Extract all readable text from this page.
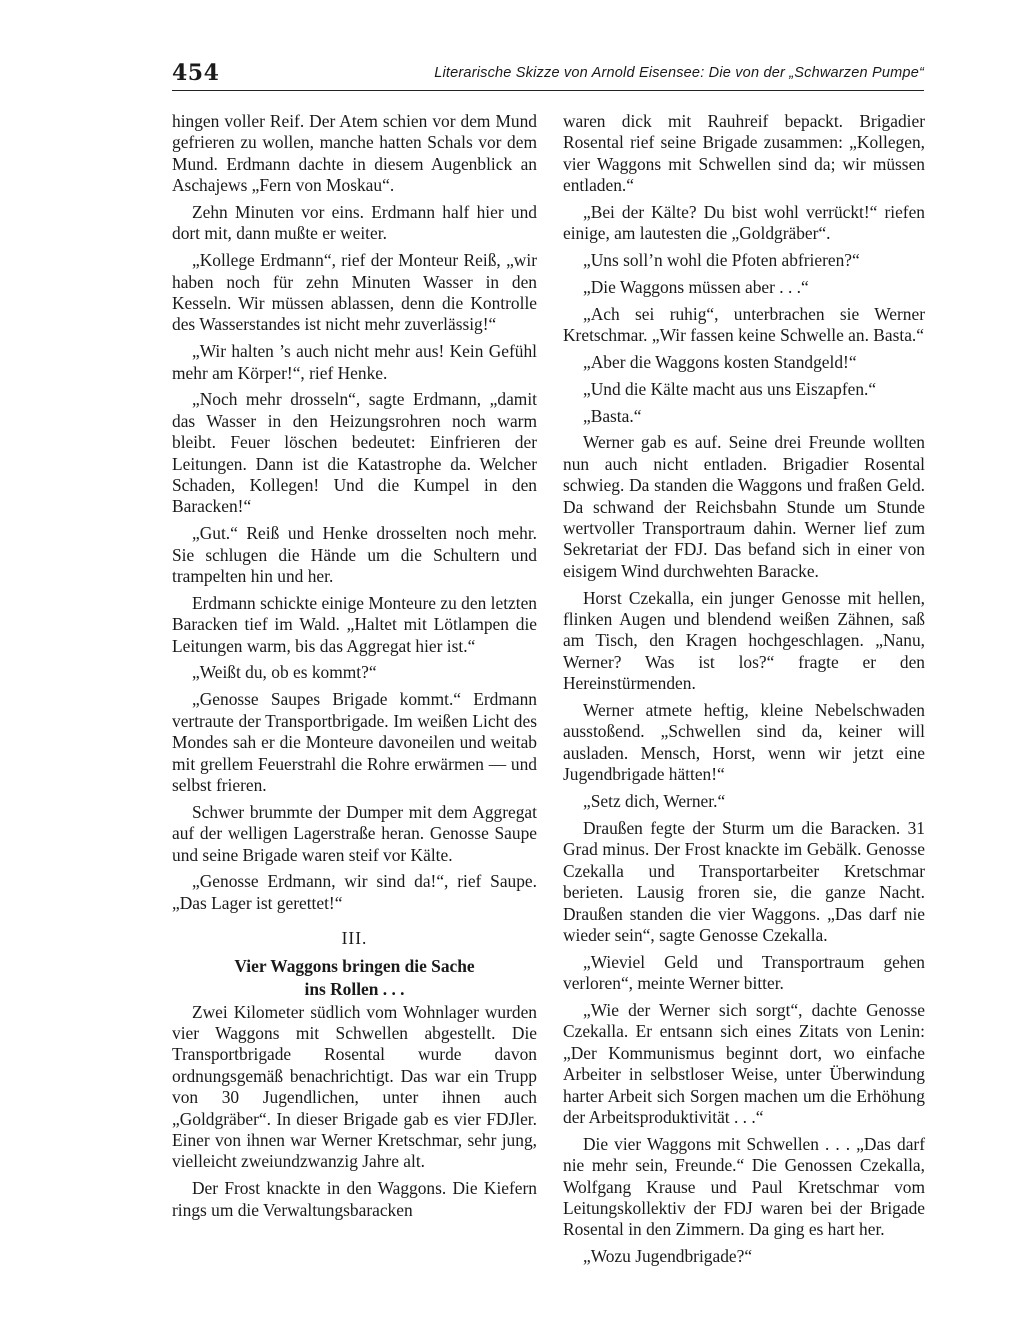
454	Literarische Skizze von Arnold Eisensee: Die von der „Schwarzen Pumpe“

hingen voller Reif. Der Atem schien vor dem Mund gefrieren zu wollen, manche hatten Schals vor dem Mund. Erdmann dachte in diesem Augenblick an Aschajews „Fern von Moskau“.

Zehn Minuten vor eins. Erdmann half hier und dort mit, dann mußte er weiter.

„Kollege Erdmann“, rief der Monteur Reiß, „wir haben noch für zehn Minuten Wasser in den Kesseln. Wir müssen ablassen, denn die Kontrolle des Wasserstandes ist nicht mehr zuverlässig!“

„Wir halten ’s auch nicht mehr aus! Kein Gefühl mehr am Körper!“, rief Henke.

„Noch mehr drosseln“, sagte Erdmann, „damit das Wasser in den Heizungsrohren noch warm bleibt. Feuer löschen bedeutet: Einfrieren der Leitungen. Dann ist die Katastrophe da. Welcher Schaden, Kollegen! Und die Kumpel in den Baracken!“

„Gut.“ Reiß und Henke drosselten noch mehr. Sie schlugen die Hände um die Schultern und trampelten hin und her.

Erdmann schickte einige Monteure zu den letzten Baracken tief im Wald. „Haltet mit Lötlampen die Leitungen warm, bis das Aggregat hier ist.“

„Weißt du, ob es kommt?“

„Genosse Saupes Brigade kommt.“ Erdmann vertraute der Transportbrigade. Im weißen Licht des Mondes sah er die Monteure davoneilen und weitab mit grellem Feuerstrahl die Rohre erwärmen — und selbst frieren.

Schwer brummte der Dumper mit dem Aggregat auf der welligen Lagerstraße heran. Genosse Saupe und seine Brigade waren steif vor Kälte.

„Genosse Erdmann, wir sind da!“, rief Saupe. „Das Lager ist gerettet!“

III.
Vier Waggons bringen die Sache
ins Rollen . . .

Zwei Kilometer südlich vom Wohnlager wurden vier Waggons mit Schwellen abgestellt. Die Transportbrigade Rosental wurde davon ordnungsgemäß benachrichtigt. Das war ein Trupp von 30 Jugendlichen, unter ihnen auch „Goldgräber“. In dieser Brigade gab es vier FDJler. Einer von ihnen war Werner Kretschmar, sehr jung, vielleicht zweiundzwanzig Jahre alt.

Der Frost knackte in den Waggons. Die Kiefern rings um die Verwaltungsbaracken

waren dick mit Rauhreif bepackt. Brigadier Rosental rief seine Brigade zusammen: „Kollegen, vier Waggons mit Schwellen sind da; wir müssen entladen.“

„Bei der Kälte? Du bist wohl verrückt!“ riefen einige, am lautesten die „Goldgräber“.

„Uns soll’n wohl die Pfoten abfrieren?“

„Die Waggons müssen aber . . .“

„Ach sei ruhig“, unterbrachen sie Werner Kretschmar. „Wir fassen keine Schwelle an. Basta.“

„Aber die Waggons kosten Standgeld!“

„Und die Kälte macht aus uns Eiszapfen.“

„Basta.“

Werner gab es auf. Seine drei Freunde wollten nun auch nicht entladen. Brigadier Rosental schwieg. Da standen die Waggons und fraßen Geld. Da schwand der Reichsbahn Stunde um Stunde wertvoller Transportraum dahin. Werner lief zum Sekretariat der FDJ. Das befand sich in einer von eisigem Wind durchwehten Baracke.

Horst Czekalla, ein junger Genosse mit hellen, flinken Augen und blendend weißen Zähnen, saß am Tisch, den Kragen hochgeschlagen. „Nanu, Werner? Was ist los?“ fragte er den Hereinstürmenden.

Werner atmete heftig, kleine Nebelschwaden ausstoßend. „Schwellen sind da, keiner will ausladen. Mensch, Horst, wenn wir jetzt eine Jugendbrigade hätten!“

„Setz dich, Werner.“

Draußen fegte der Sturm um die Baracken. 31 Grad minus. Der Frost knackte im Gebälk. Genosse Czekalla und Transportarbeiter Kretschmar berieten. Lausig froren sie, die ganze Nacht. Draußen standen die vier Waggons. „Das darf nie wieder sein“, sagte Genosse Czekalla.

„Wieviel Geld und Transportraum gehen verloren“, meinte Werner bitter.

„Wie der Werner sich sorgt“, dachte Genosse Czekalla. Er entsann sich eines Zitats von Lenin: „Der Kommunismus beginnt dort, wo einfache Arbeiter in selbstloser Weise, unter Überwindung harter Arbeit sich Sorgen machen um die Erhöhung der Arbeitsproduktivität . . .“

Die vier Waggons mit Schwellen . . . „Das darf nie mehr sein, Freunde.“ Die Genossen Czekalla, Wolfgang Krause und Paul Kretschmar vom Leitungskollektiv der FDJ waren bei der Brigade Rosental in den Zimmern. Da ging es hart her.

„Wozu Jugendbrigade?“
